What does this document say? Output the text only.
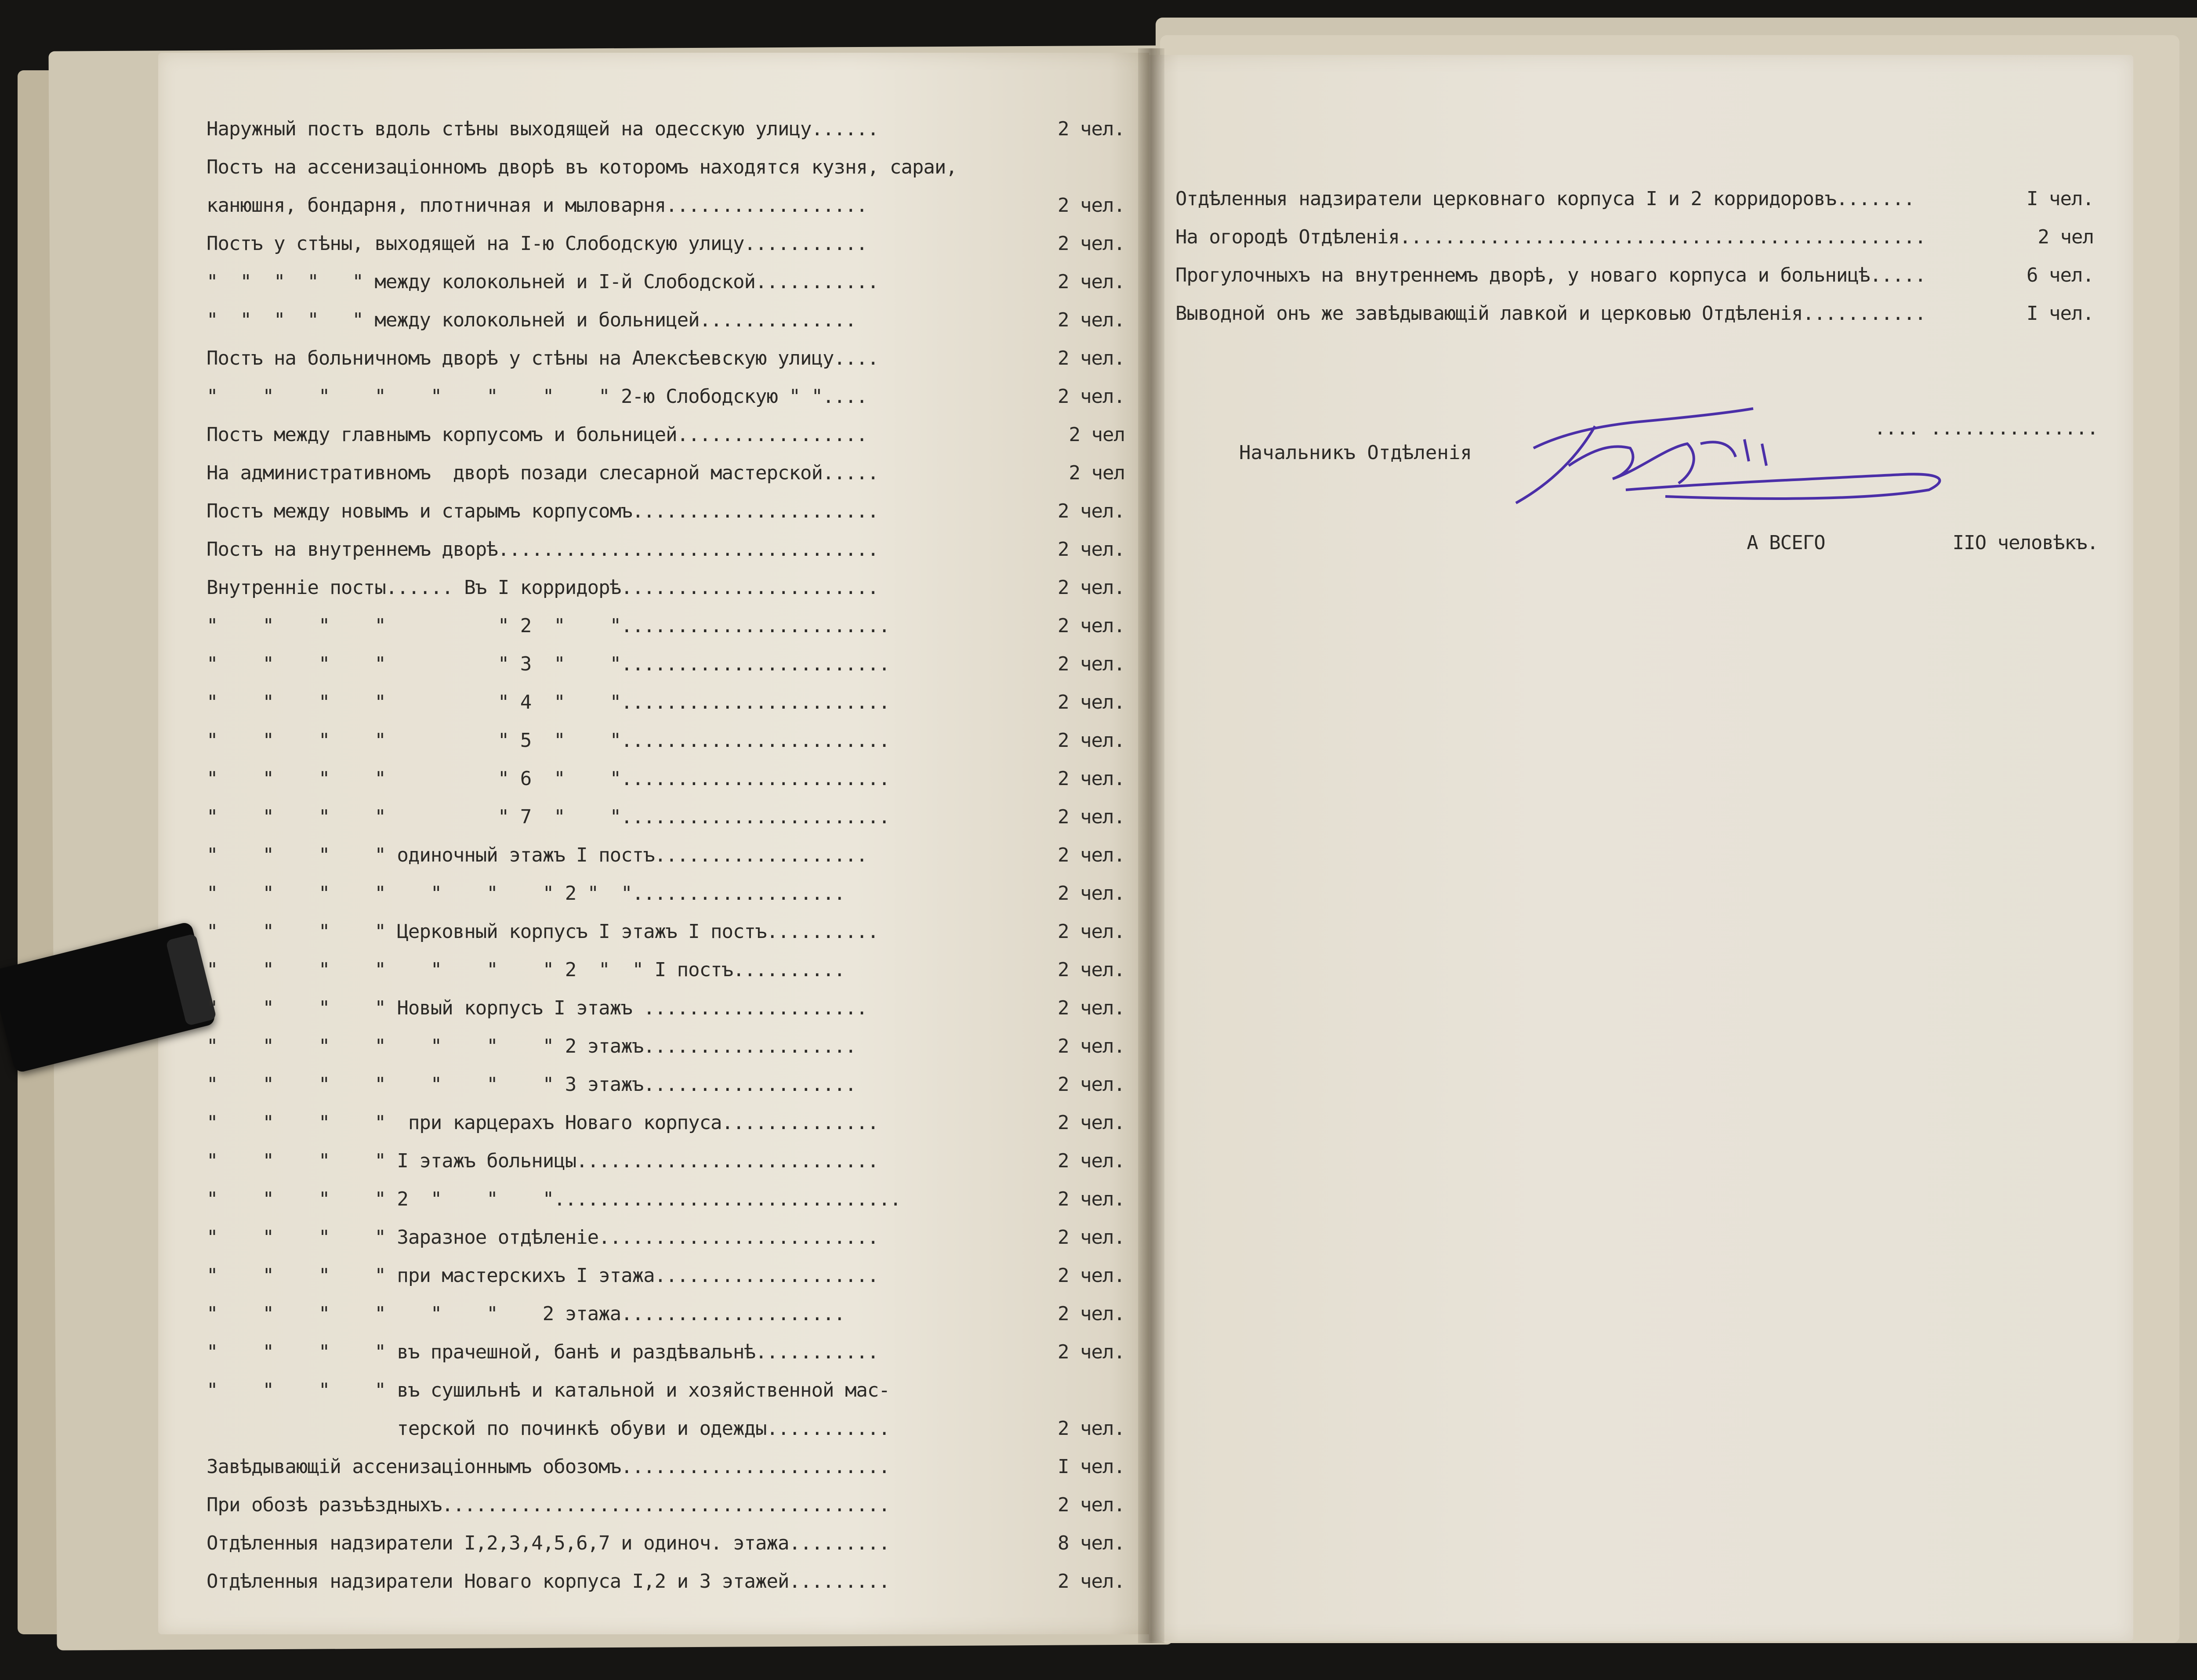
Наружный постъ вдоль стѣны выходящей на одесскую улицу......	2 чел.
Постъ на ассенизаціонномъ дворѣ въ которомъ находятся кузня, сараи,
канюшня, бондарня, плотничная и мыловарня..................	2 чел.
Постъ у стѣны, выходящей на І-ю Слободскую улицу...........	2 чел.
"  "  "  "   " между колокольней и І-й Слободской...........	2 чел.
"  "  "  "   " между колокольней и больницей..............	2 чел.
Постъ на больничномъ дворѣ у стѣны на Алексѣевскую улицу....	2 чел.
"    "    "    "    "    "    "    " 2-ю Слободскую " "....	2 чел.
Постъ между главнымъ корпусомъ и больницей.................	2 чел
На административномъ  дворѣ позади слесарной мастерской.....	2 чел
Постъ между новымъ и старымъ корпусомъ......................	2 чел.
Постъ на внутреннемъ дворѣ..................................	2 чел.
Внутренніе посты...... Въ І корридорѣ.......................	2 чел.
"    "    "    "          " 2  "    "........................	2 чел.
"    "    "    "          " 3  "    "........................	2 чел.
"    "    "    "          " 4  "    "........................	2 чел.
"    "    "    "          " 5  "    "........................	2 чел.
"    "    "    "          " 6  "    "........................	2 чел.
"    "    "    "          " 7  "    "........................	2 чел.
"    "    "    " одиночный этажъ І постъ...................	2 чел.
"    "    "    "    "    "    " 2 "  "...................	2 чел.
"    "    "    " Церковный корпусъ І этажъ І постъ..........	2 чел.
"    "    "    "    "    "    " 2  "  " І постъ..........	2 чел.
"    "    "    " Новый корпусъ І этажъ ....................	2 чел.
"    "    "    "    "    "    " 2 этажъ...................	2 чел.
"    "    "    "    "    "    " 3 этажъ...................	2 чел.
"    "    "    "  при карцерахъ Новаго корпуса..............	2 чел.
"    "    "    " І этажъ больницы...........................	2 чел.
"    "    "    " 2  "    "    "...............................	2 чел.
"    "    "    " Заразное отдѣленіе.........................	2 чел.
"    "    "    " при мастерскихъ І этажа....................	2 чел.
"    "    "    "    "    "    2 этажа....................	2 чел.
"    "    "    " въ прачешной, банѣ и раздѣвальнѣ...........	2 чел.
"    "    "    " въ сушильнѣ и катальной и хозяйственной мас-
терской по починкѣ обуви и одежды...........	2 чел.
Завѣдывающій ассенизаціоннымъ обозомъ........................	І чел.
При обозѣ разъѣздныхъ........................................	2 чел.
Отдѣленныя надзиратели І,2,3,4,5,6,7 и одиноч. этажа.........	8 чел.
Отдѣленныя надзиратели Новаго корпуса І,2 и 3 этажей.........	2 чел.

Отдѣленныя надзиратели церковнаго корпуса І и 2 корридоровъ.......	І чел.
На огородѣ Отдѣленія...............................................	2 чел
Прогулочныхъ на внутреннемъ дворѣ, у новаго корпуса и больницѣ.....	6 чел.
Выводной онъ же завѣдывающій лавкой и церковью Отдѣленія...........	І чел.

.... ...............

А ВСЕГО	ІІО человѣкъ.

Начальникъ Отдѣленія
